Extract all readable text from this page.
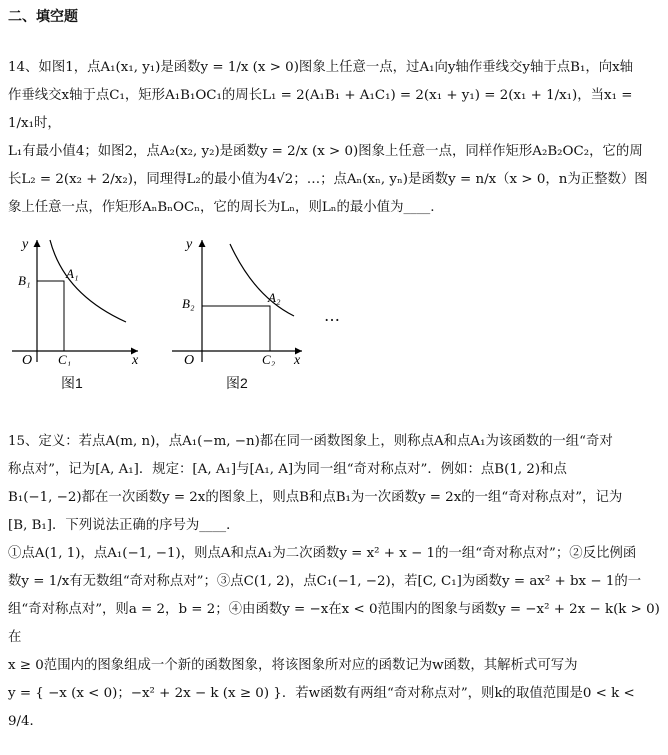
二、填空题

14、如图1，点A₁(x₁, y₁)是函数y = 1/x (x > 0)图象上任意一点，过A₁向y轴作垂线交y轴于点B₁，向x轴

作垂线交x轴于点C₁，矩形A₁B₁OC₁的周长L₁ = 2(A₁B₁ + A₁C₁) = 2(x₁ + y₁) = 2(x₁ + 1/x₁)，当x₁ = 1/x₁时，

L₁有最小值4；如图2，点A₂(x₂, y₂)是函数y = 2/x (x > 0)图象上任意一点，同样作矩形A₂B₂OC₂，它的周

长L₂ = 2(x₂ + 2/x₂)，同理得L₂的最小值为4√2；…；点Aₙ(xₙ, yₙ)是函数y = n/x（x > 0，n为正整数）图

象上任意一点，作矩形AₙBₙOCₙ，它的周长为Lₙ，则Lₙ的最小值为____.

y
x
O
B₁	A₁
C₁
图1
y
x
O
B₂	A₂
C₂
图2
…

15、定义：若点A(m, n)，点A₁(−m, −n)都在同一函数图象上，则称点A和点A₁为该函数的一组“奇对

称点对”，记为[A, A₁]．规定：[A, A₁]与[A₁, A]为同一组“奇对称点对”．例如：点B(1, 2)和点

B₁(−1, −2)都在一次函数y = 2x的图象上，则点B和点B₁为一次函数y = 2x的一组“奇对称点对”，记为

[B, B₁]．下列说法正确的序号为____．

①点A(1, 1)，点A₁(−1, −1)，则点A和点A₁为二次函数y = x² + x − 1的一组“奇对称点对”；②反比例函

数y = 1/x有无数组“奇对称点对”；③点C(1, 2)，点C₁(−1, −2)，若[C, C₁]为函数y = ax² + bx − 1的一

组“奇对称点对”，则a = 2，b = 2；④由函数y = −x在x < 0范围内的图象与函数y = −x² + 2x − k(k > 0)在

x ≥ 0范围内的图象组成一个新的函数图象，将该图象所对应的函数记为w函数，其解析式可写为

y = { −x (x < 0)；−x² + 2x − k (x ≥ 0) }．若w函数有两组“奇对称点对”，则k的取值范围是0 < k < 9/4．
